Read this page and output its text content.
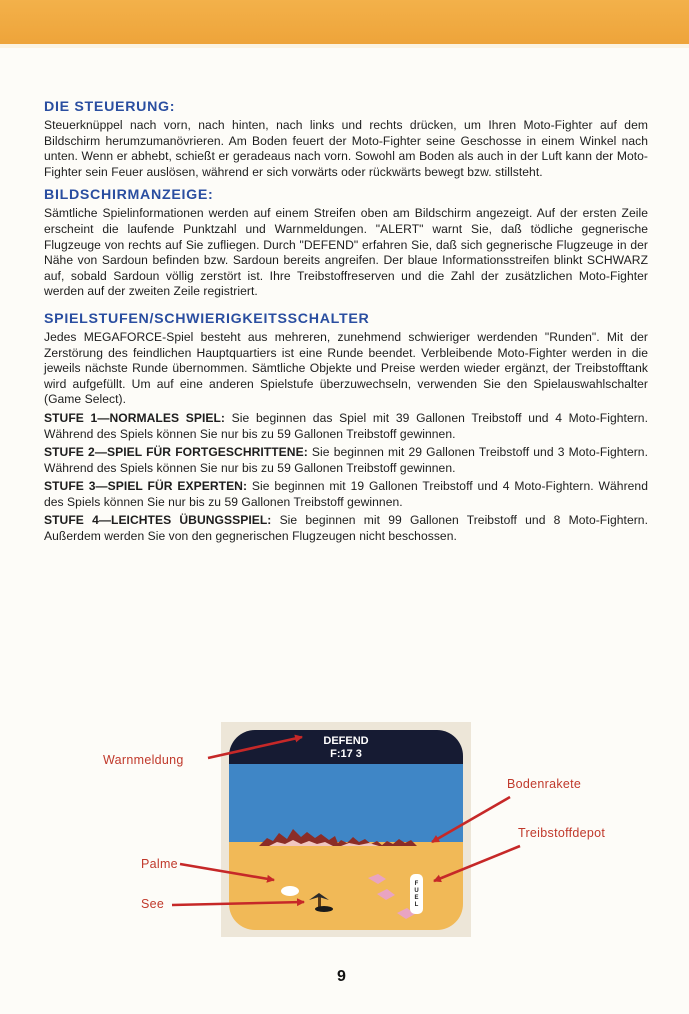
DIE STEUERUNG:

Steuerknüppel nach vorn, nach hinten, nach links und rechts drücken, um Ihren Moto-Fighter auf dem Bildschirm herumzumanövrieren. Am Boden feuert der Moto-Fighter seine Geschosse in einem Winkel nach unten. Wenn er abhebt, schießt er geradeaus nach vorn. Sowohl am Boden als auch in der Luft kann der Moto-Fighter sein Feuer auslösen, während er sich vorwärts oder rückwärts bewegt bzw. stillsteht.

BILDSCHIRMANZEIGE:

Sämtliche Spielinformationen werden auf einem Streifen oben am Bildschirm angezeigt. Auf der ersten Zeile erscheint die laufende Punktzahl und Warnmeldungen. "ALERT" warnt Sie, daß tödliche gegnerische Flugzeuge von rechts auf Sie zufliegen. Durch "DEFEND" erfahren Sie, daß sich gegnerische Flugzeuge in der Nähe von Sardoun befinden bzw. Sardoun bereits angreifen. Der blaue Informationsstreifen blinkt SCHWARZ auf, sobald Sardoun völlig zerstört ist. Ihre Treibstoffreserven und die Zahl der zusätzlichen Moto-Fighter werden auf der zweiten Zeile registriert.

SPIELSTUFEN/SCHWIERIGKEITSSCHALTER

Jedes MEGAFORCE-Spiel besteht aus mehreren, zunehmend schwieriger werdenden "Runden". Mit der Zerstörung des feindlichen Hauptquartiers ist eine Runde beendet. Verbleibende Moto-Fighter werden in die jeweils nächste Runde übernommen. Sämtliche Objekte und Preise werden wieder ergänzt, der Treibstofftank wird aufgefüllt. Um auf eine anderen Spielstufe überzuwechseln, verwenden Sie den Spielauswahlschalter (Game Select).

STUFE 1—NORMALES SPIEL: Sie beginnen das Spiel mit 39 Gallonen Treibstoff und 4 Moto-Fightern. Während des Spiels können Sie nur bis zu 59 Gallonen Treibstoff gewinnen.

STUFE 2—SPIEL FÜR FORTGESCHRITTENE: Sie beginnen mit 29 Gallonen Treibstoff und 3 Moto-Fightern. Während des Spiels können Sie nur bis zu 59 Gallonen Treibstoff gewinnen.

STUFE 3—SPIEL FÜR EXPERTEN: Sie beginnen mit 19 Gallonen Treibstoff und 4 Moto-Fightern. Während des Spiels können Sie nur bis zu 59 Gallonen Treibstoff gewinnen.

STUFE 4—LEICHTES ÜBUNGSSPIEL: Sie beginnen mit 99 Gallonen Treibstoff und 8 Moto-Fightern. Außerdem werden Sie von den gegnerischen Flugzeugen nicht beschossen.

F U E L
DEFEND
F:17 3
Warnmeldung
Bodenrakete
Treibstoffdepot
Palme
See
9
